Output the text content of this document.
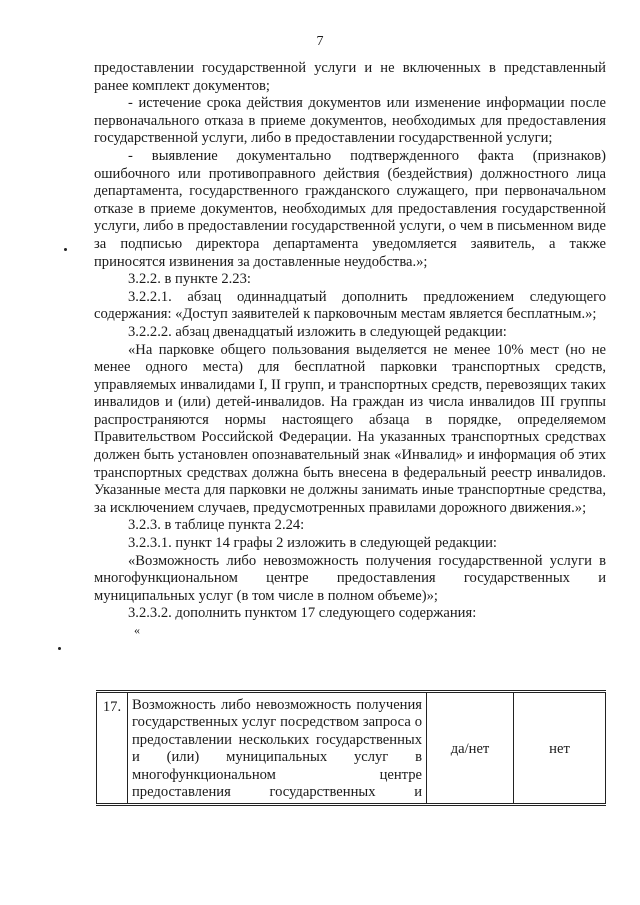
7

предоставлении государственной услуги и не включенных в представленный ранее комплект документов;

- истечение срока действия документов или изменение информации после первоначального отказа в приеме документов, необходимых для предоставления государственной услуги, либо в предоставлении государственной услуги;

- выявление документально подтвержденного факта (признаков) ошибочного или противоправного действия (бездействия) должностного лица департамента, государственного гражданского служащего, при первоначальном отказе в приеме документов, необходимых для предоставления государственной услуги, либо в предоставлении государственной услуги, о чем в письменном виде за подписью директора департамента уведомляется заявитель, а также приносятся извинения за доставленные неудобства.»;

3.2.2. в пункте 2.23:

3.2.2.1. абзац одиннадцатый дополнить предложением следующего содержания: «Доступ заявителей к парковочным местам является бесплатным.»;

3.2.2.2. абзац двенадцатый изложить в следующей редакции:

«На парковке общего пользования выделяется не менее 10% мест (но не менее одного места) для бесплатной парковки транспортных средств, управляемых инвалидами I, II групп, и транспортных средств, перевозящих таких инвалидов и (или) детей-инвалидов. На граждан из числа инвалидов III группы распространяются нормы настоящего абзаца в порядке, определяемом Правительством Российской Федерации. На указанных транспортных средствах должен быть установлен опознавательный знак «Инвалид» и информация об этих транспортных средствах должна быть внесена в федеральный реестр инвалидов. Указанные места для парковки не должны занимать иные транспортные средства, за исключением случаев, предусмотренных правилами дорожного движения.»;

3.2.3. в таблице пункта 2.24:

3.2.3.1. пункт 14 графы 2 изложить в следующей редакции:

«Возможность либо невозможность получения государственной услуги в многофункциональном центре предоставления государственных и муниципальных услуг (в том числе в полном объеме)»;

3.2.3.2. дополнить пунктом 17 следующего содержания:

«
17.	Возможность либо невозможность получения государственных услуг посредством запроса о предоставлении нескольких государственных и (или) муниципальных услуг в многофункциональном центре предоставления государственных и	да/нет	нет
